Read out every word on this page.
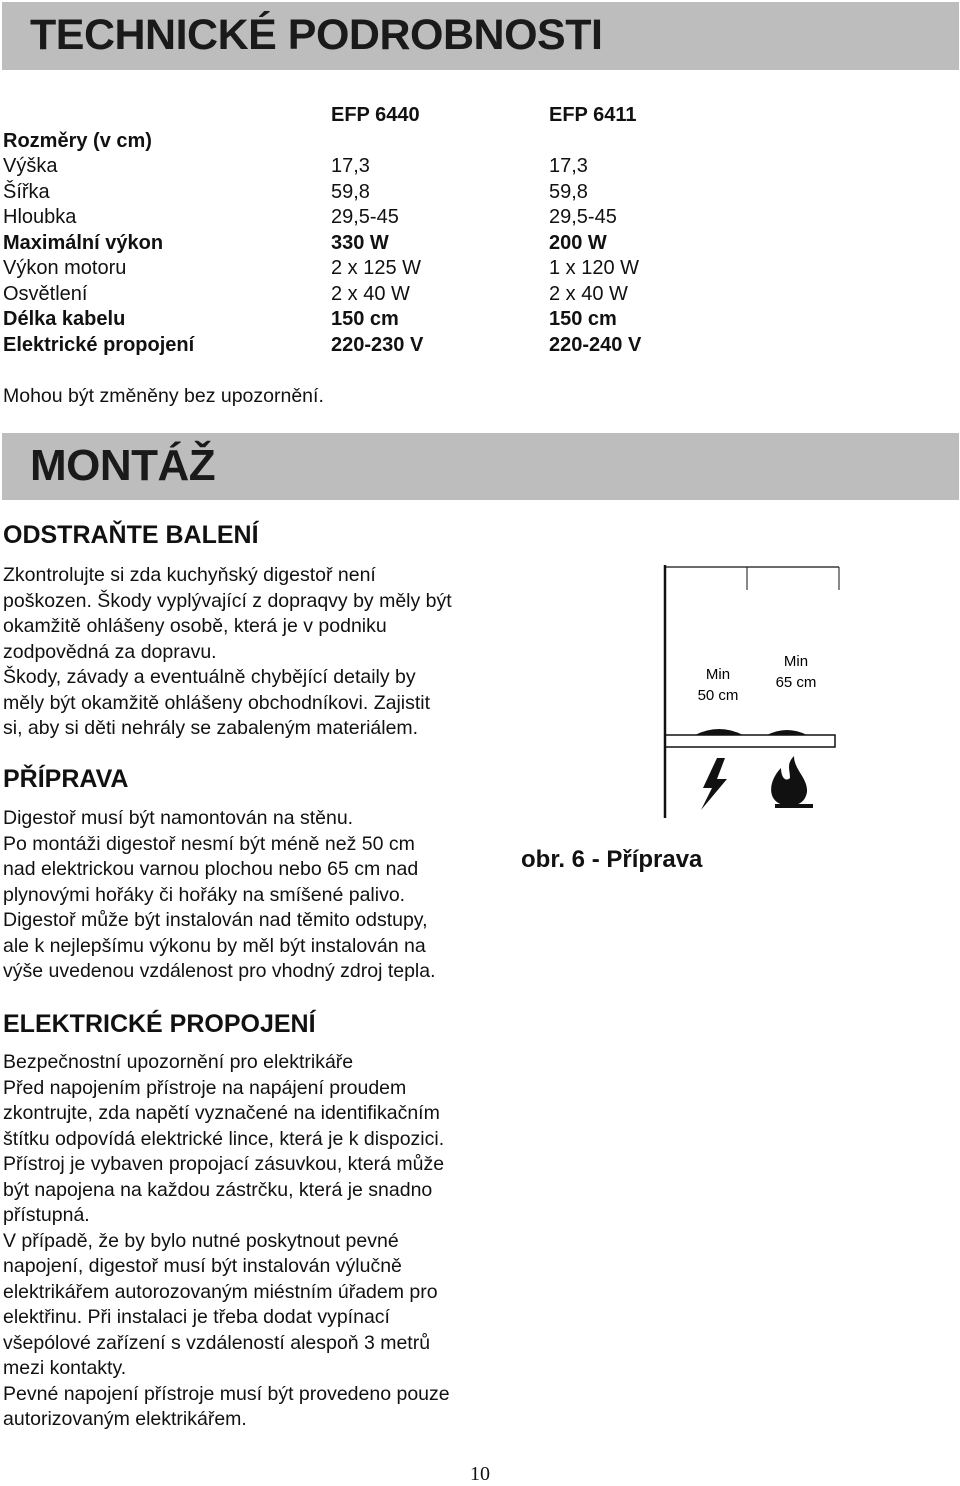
TECHNICKÉ PODROBNOSTI
Rozměry (v cm)
Výška
Šířka
Hloubka
Maximální výkon
Výkon motoru
Osvětlení
Délka kabelu
Elektrické propojení
EFP 6440
17,3
59,8
29,5-45
330 W
2 x 125 W
2 x 40 W
150 cm
220-230 V
EFP 6411
17,3
59,8
29,5-45
200 W
1 x 120 W
2 x 40 W
150 cm
220-240 V
Mohou být změněny bez upozornění.
MONTÁŽ
ODSTRAŇTE BALENÍ
Zkontrolujte si zda kuchyňský digestoř není
poškozen. Škody vyplývající z dopraqvy by měly být
okamžitě ohlášeny osobě, která je v podniku
zodpovědná za dopravu.
Škody, závady a eventuálně chybějící detaily by
měly být okamžitě ohlášeny obchodníkovi. Zajistit
si, aby si děti nehrály se zabaleným materiálem.
PŘÍPRAVA
Digestoř musí být namontován na stěnu.
Po montáži digestoř nesmí být méně než 50 cm
nad elektrickou varnou plochou nebo 65 cm nad
plynovými hořáky či hořáky na smíšené palivo.
Digestoř může být instalován nad těmito odstupy,
ale k nejlepšímu výkonu by měl být instalován na
výše uvedenou vzdálenost pro vhodný zdroj tepla.
ELEKTRICKÉ PROPOJENÍ
Bezpečnostní upozornění pro elektrikáře
Před napojením přístroje na napájení proudem
zkontrujte, zda napětí vyznačené na identifikačním
štítku odpovídá elektrické lince, která je k dispozici.
Přístroj je vybaven propojací zásuvkou, která může
být napojena na každou zástrčku, která je snadno
přístupná.
V případě, že by bylo nutné poskytnout pevné
napojení, digestoř musí být instalován výlučně
elektrikářem autorozovaným miéstním úřadem pro
elektřinu. Při instalaci je třeba dodat vypínací
všepólové zařízení s vzdáleností alespoň 3 metrů
mezi kontakty.
Pevné napojení přístroje musí být provedeno pouze
autorizovaným elektrikářem.
Min
50 cm
Min
65 cm
obr. 6 - Příprava
10
